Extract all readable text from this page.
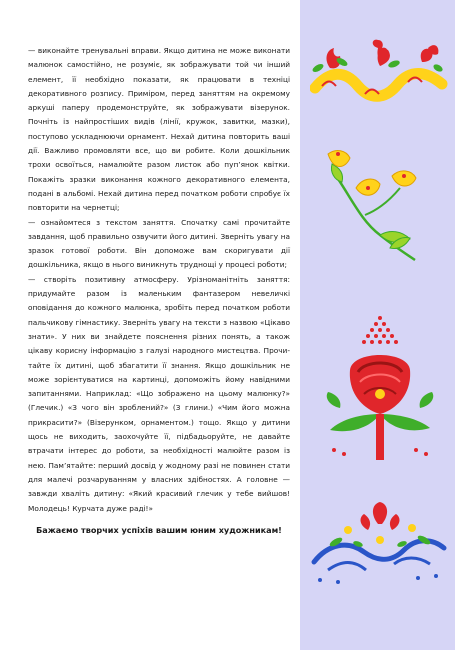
— виконайте тренувальні вправи. Якщо дитина не може виконати малюнок самостійно, не розуміє, як зображувати той чи інший елемент, її необхідно показати, як працювати в техніці декоративного розпису. Приміром, перед заняттям на окремому аркуші паперу продемонструйте, як зображувати візерунок. Почніть із найпростіших видів (лінії, кружок, завитки, мазки), поступово ускладнюючи орнамент. Нехай дитина повторить ваші дії. Важливо промовляти все, що ви робите. Коли дошкільник трохи освоїться, намалюйте разом листок або пуп’янок квітки. Покажіть зразки виконання кожного декоративного елемента, подані в альбомі. Нехай дитина перед початком роботи спробує їх повторити на чернетці;

— ознайомтеся з текстом заняття. Спочатку самі прочитайте завдання, щоб правильно озвучити його дитині. Зверніть увагу на зразок готової роботи. Він допоможе вам скоригувати дії дошкільника, якщо в нього виникнуть труднощі у процесі роботи;

— створіть позитивну атмосферу. Урізноманітніть заняття: придумайте разом із маленьким фантазером невеличкі оповідання до кожного малюнка, зробіть перед початком роботи пальчикову гімнастику. Зверніть увагу на тексти з назвою «Цікаво знати». У них ви знайдете пояснення різних понять, а також цікаву корисну інформацію з галузі народного мистецтва. Прочитайте їх дитині, щоб збагатити її знання. Якщо дошкільник не може зорієнтуватися на картинці, допоможіть йому навідними запитаннями. Наприклад: «Що зображено на цьому малюнку?» (Глечик.) «З чого він зроблений?» (З глини.) «Чим його можна прикрасити?» (Візерунком, орнаментом.) тощо. Якщо у дитини щось не виходить, заохочуйте її, підбадьоруйте, не давайте втрачати інтерес до роботи, за необхідності малюйте разом із нею. Пам’ятайте: перший досвід у жодному разі не повинен стати для малечі розчаруванням у власних здібностях. А головне — завжди хваліть дитину: «Який красивий глечик у тебе вийшов! Молодець! Курчата дуже раді!»

Бажаємо творчих успіхів вашим юним художникам!
